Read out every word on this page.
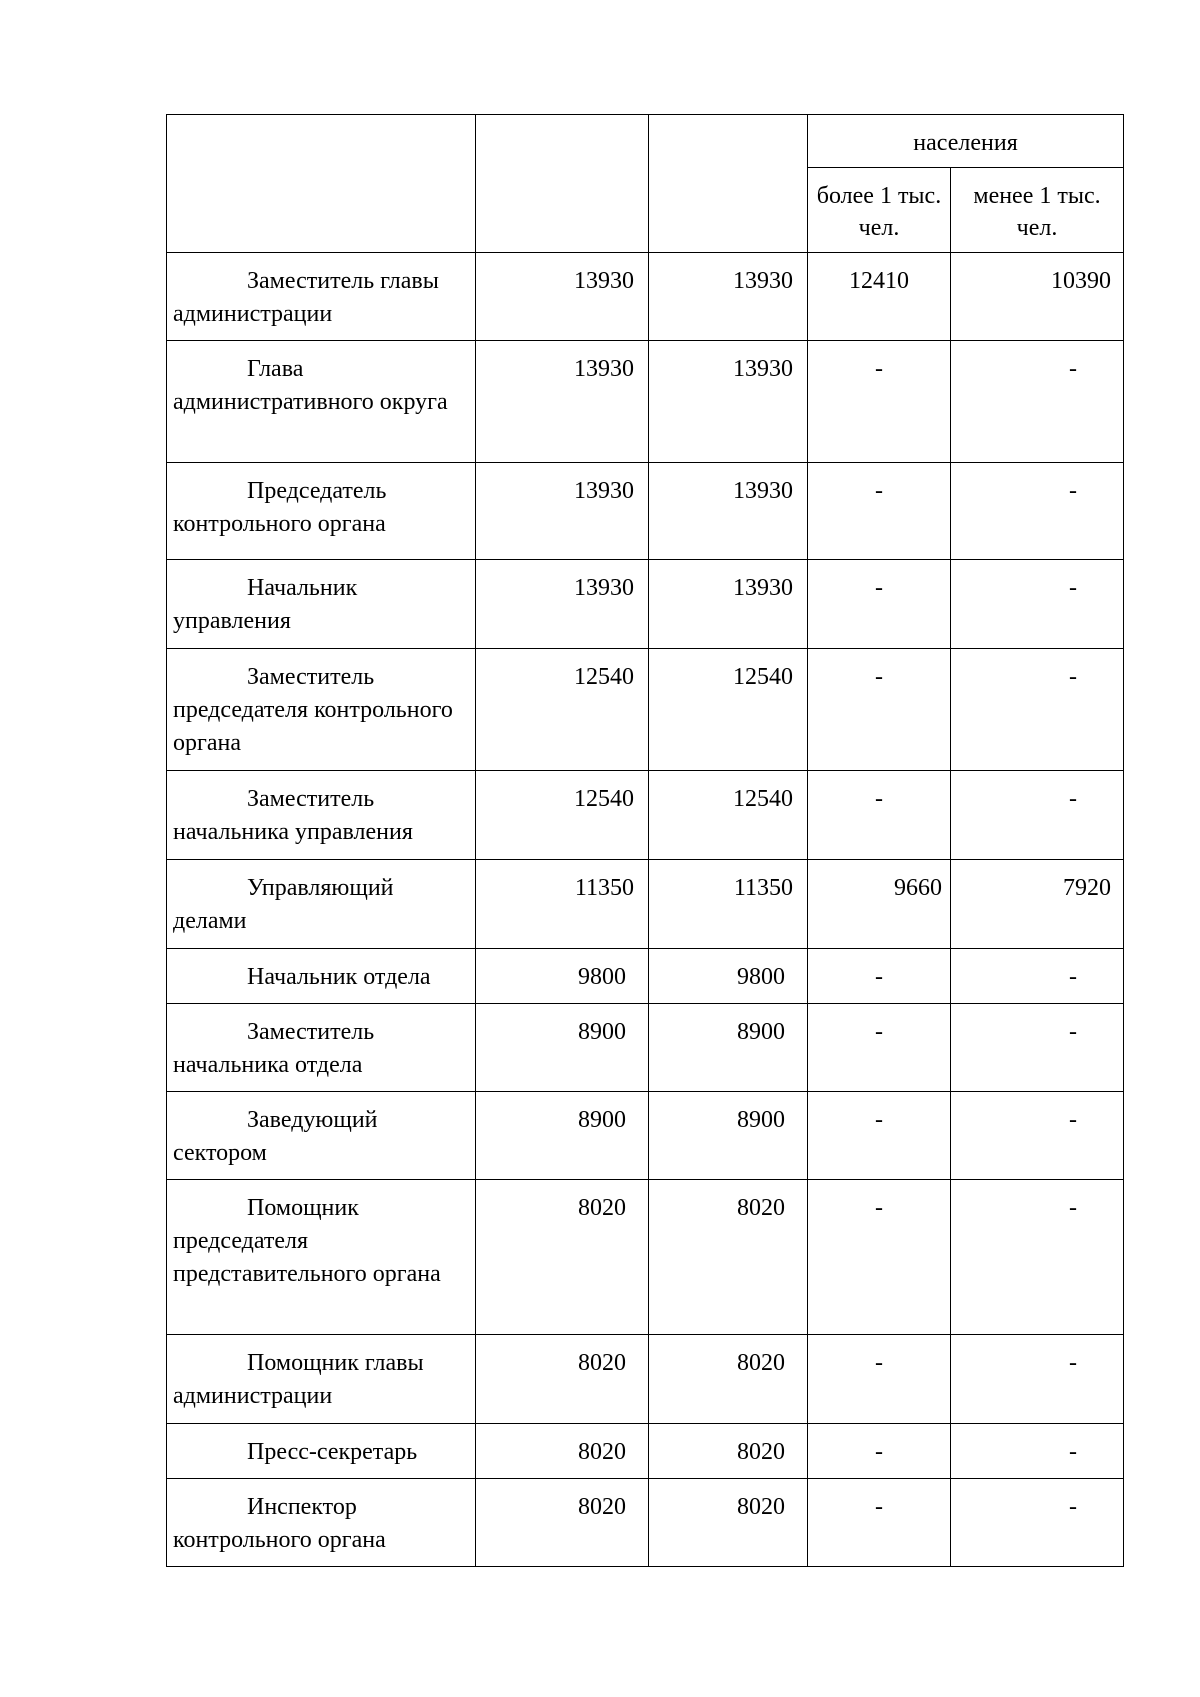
			населения	
			более 1 тыс. чел.	менее 1 тыс. чел.

Заместитель главы администрации	13930	13930	12410	10390

Глава административного округа	13930	13930	-	-

Председатель контрольного органа	13930	13930	-	-

Начальник управления	13930	13930	-	-

Заместитель председателя контрольного органа	12540	12540	-	-

Заместитель начальника управления	12540	12540	-	-

Управляющий делами	11350	11350	9660	7920

Начальник отдела	9800	9800	-	-

Заместитель начальника отдела	8900	8900	-	-

Заведующий сектором	8900	8900	-	-

Помощник председателя представительного органа	8020	8020	-	-

Помощник главы администрации	8020	8020	-	-

Пресс-секретарь	8020	8020	-	-

Инспектор контрольного органа	8020	8020	-	-
